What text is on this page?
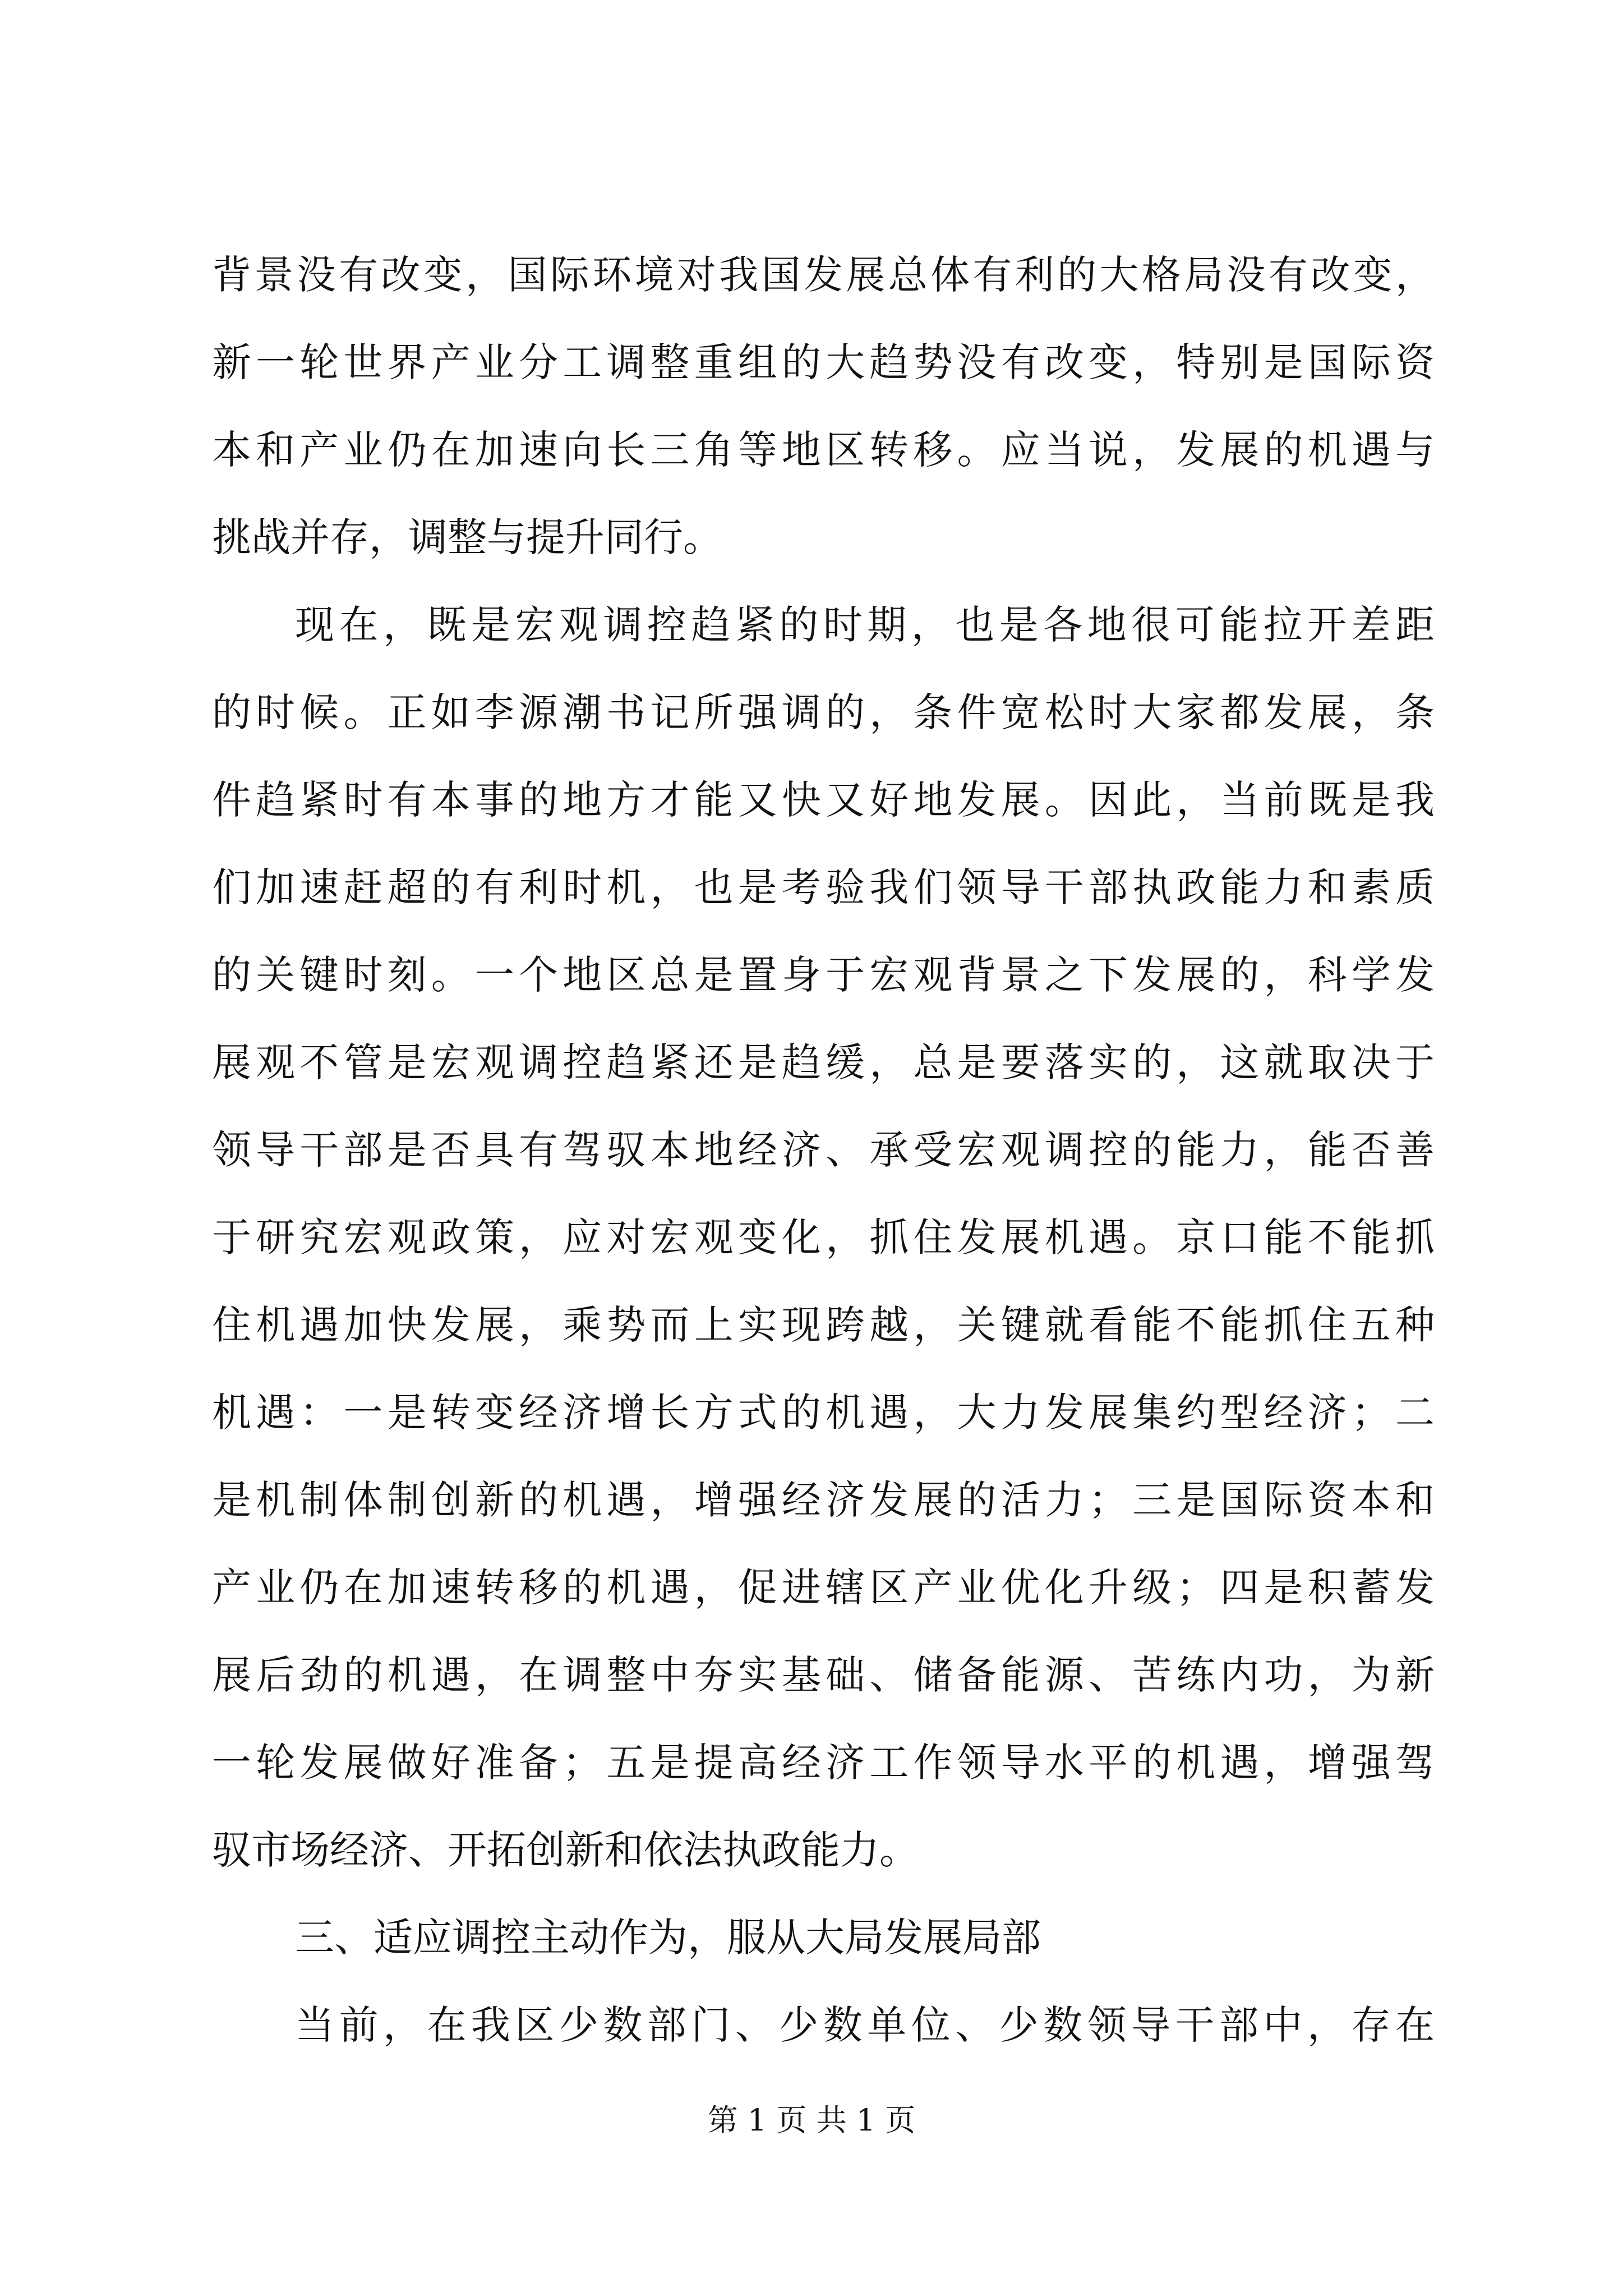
背景没有改变，国际环境对我国发展总体有利的大格局没有改变，
新一轮世界产业分工调整重组的大趋势没有改变，特别是国际资
本和产业仍在加速向长三角等地区转移。应当说，发展的机遇与
挑战并存，调整与提升同行。
现在，既是宏观调控趋紧的时期，也是各地很可能拉开差距
的时候。正如李源潮书记所强调的，条件宽松时大家都发展，条
件趋紧时有本事的地方才能又快又好地发展。因此，当前既是我
们加速赶超的有利时机，也是考验我们领导干部执政能力和素质
的关键时刻。一个地区总是置身于宏观背景之下发展的，科学发
展观不管是宏观调控趋紧还是趋缓，总是要落实的，这就取决于
领导干部是否具有驾驭本地经济、承受宏观调控的能力，能否善
于研究宏观政策，应对宏观变化，抓住发展机遇。京口能不能抓
住机遇加快发展，乘势而上实现跨越，关键就看能不能抓住五种
机遇：一是转变经济增长方式的机遇，大力发展集约型经济；二
是机制体制创新的机遇，增强经济发展的活力；三是国际资本和
产业仍在加速转移的机遇，促进辖区产业优化升级；四是积蓄发
展后劲的机遇，在调整中夯实基础、储备能源、苦练内功，为新
一轮发展做好准备；五是提高经济工作领导水平的机遇，增强驾
驭市场经济、开拓创新和依法执政能力。
三、适应调控主动作为，服从大局发展局部
当前，在我区少数部门、少数单位、少数领导干部中，存在
第 1 页 共 1 页
